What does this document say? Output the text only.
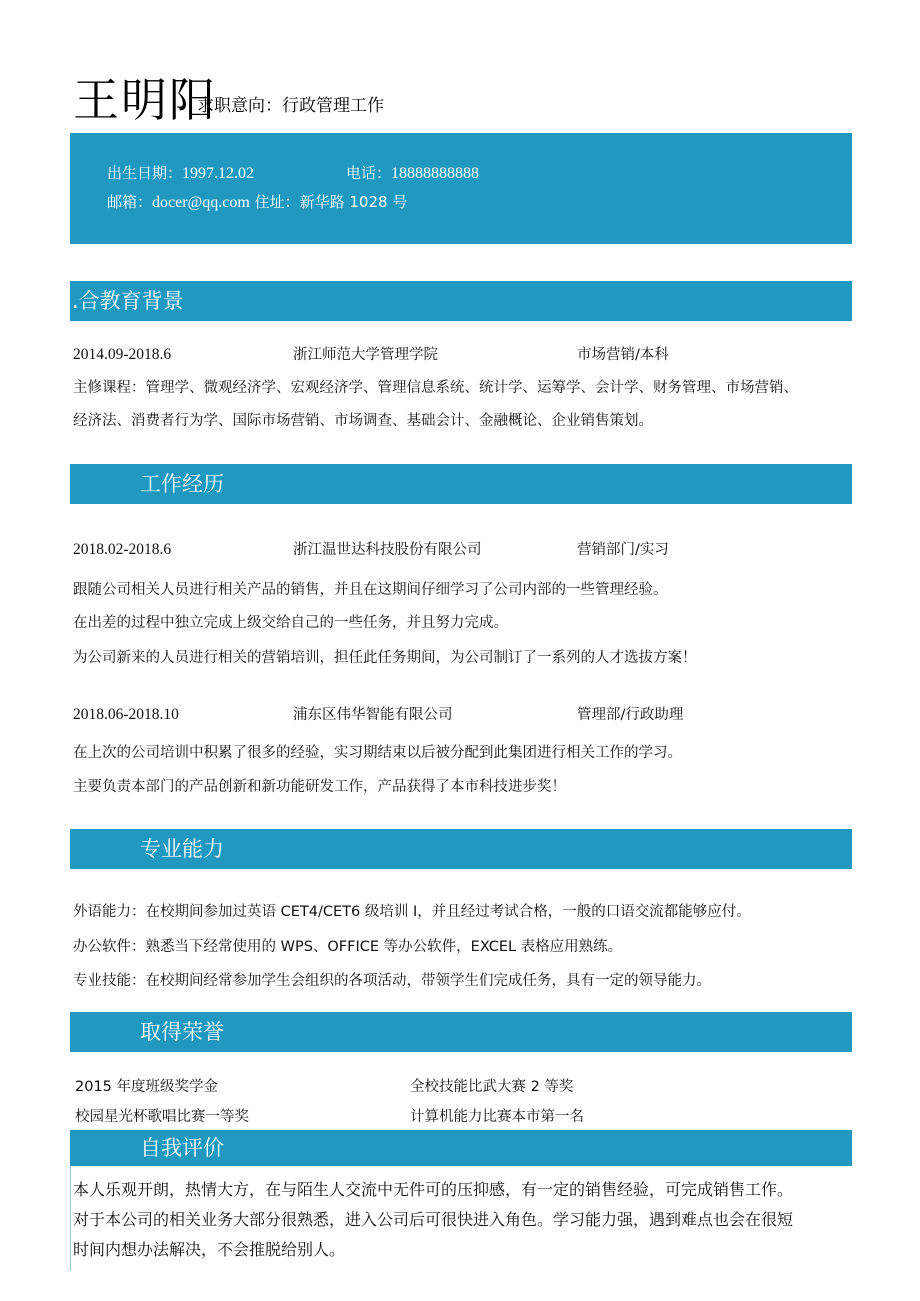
王明阳
求职意向：行政管理工作
出生日期：1997.12.02	电话：18888888888
邮箱：docer@qq.com 住址：新华路 1028 号
.合教育背景
2014.09-2018.6	浙江师范大学管理学院	市场营销/本科
主修课程：管理学、微观经济学、宏观经济学、管理信息系统、统计学、运筹学、会计学、财务管理、市场营销、
经济法、消费者行为学、国际市场营销、市场调查、基础会计、金融概论、企业销售策划。
工作经历
2018.02-2018.6	浙江温世达科技股份有限公司	营销部门/实习
跟随公司相关人员进行相关产品的销售，并且在这期间仔细学习了公司内部的一些管理经验。
在出差的过程中独立完成上级交给自己的一些任务，并且努力完成。
为公司新来的人员进行相关的营销培训，担任此任务期间，为公司制订了一系列的人才选拔方案！
2018.06-2018.10	浦东区伟华智能有限公司	管理部/行政助理
在上次的公司培训中积累了很多的经验，实习期结束以后被分配到此集团进行相关工作的学习。
主要负责本部门的产品创新和新功能研发工作，产品获得了本市科技进步奖！
专业能力
外语能力：在校期间参加过英语 CET4/CET6 级培训 I，并且经过考试合格，一般的口语交流都能够应付。
办公软件：熟悉当下经常使用的 WPS、OFFICE 等办公软件，EXCEL 表格应用熟练。
专业技能：在校期间经常参加学生会组织的各项活动，带领学生们完成任务，具有一定的领导能力。
取得荣誉
2015 年度班级奖学金	全校技能比武大赛 2 等奖
校园星光杯歌唱比赛一等奖	计算机能力比赛本市第一名
自我评价
本人乐观开朗，热情大方，在与陌生人交流中无件可的压抑感，有一定的销售经验，可完成销售工作。
对于本公司的相关业务大部分很熟悉，进入公司后可很快进入角色。学习能力强，遇到难点也会在很短
时间内想办法解决，不会推脱给别人。
